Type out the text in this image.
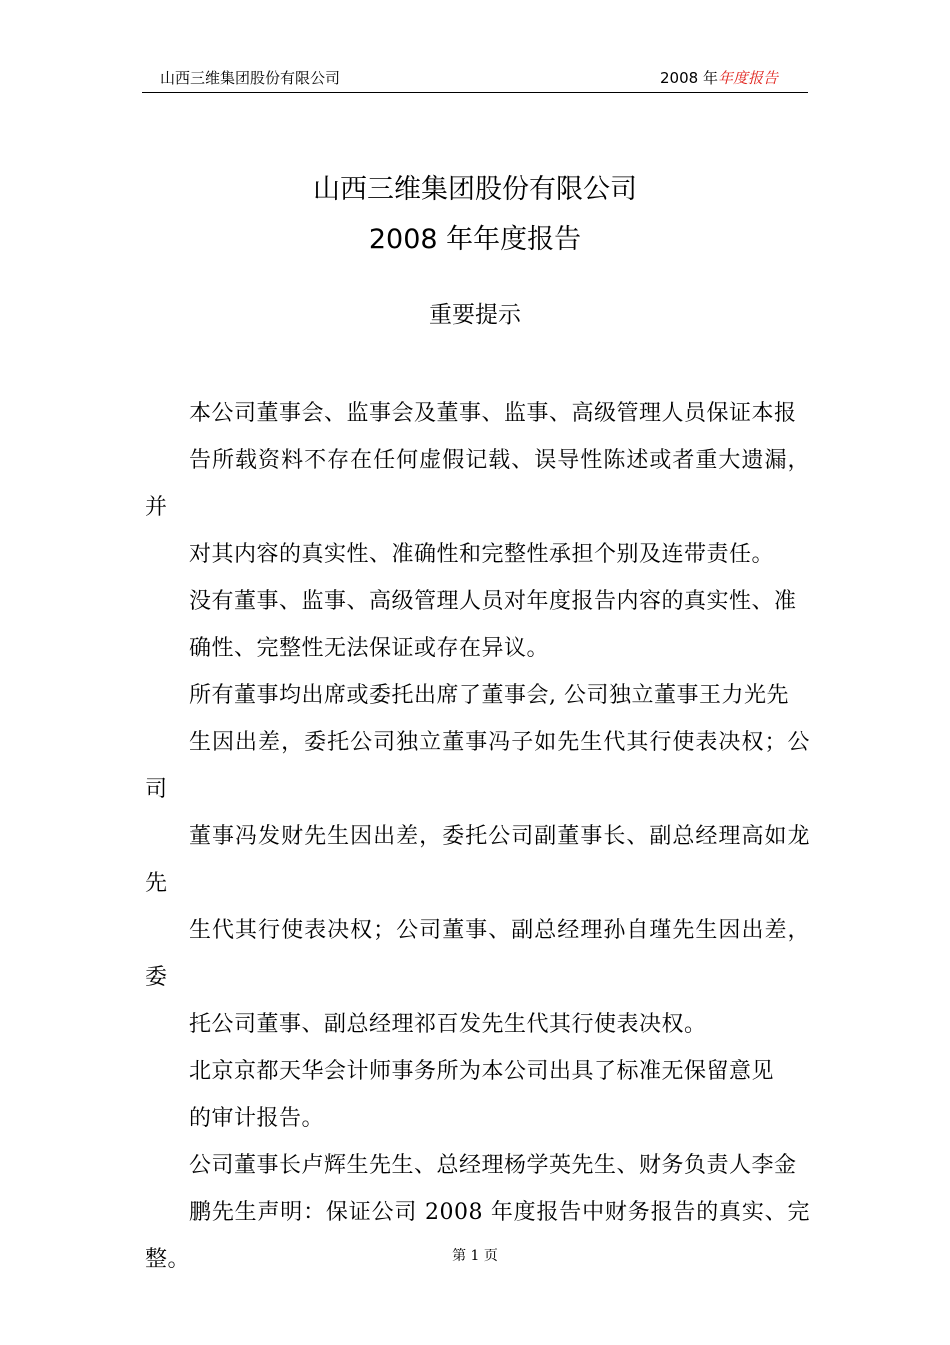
山西三维集团股份有限公司	2008 年年度报告
山西三维集团股份有限公司
2008 年年度报告
重要提示

本公司董事会、监事会及董事、监事、高级管理人员保证本报
告所载资料不存在任何虚假记载、误导性陈述或者重大遗漏，并
对其内容的真实性、准确性和完整性承担个别及连带责任。

没有董事、监事、高级管理人员对年度报告内容的真实性、准
确性、完整性无法保证或存在异议。

所有董事均出席或委托出席了董事会, 公司独立董事王力光先
生因出差，委托公司独立董事冯子如先生代其行使表决权；公司
董事冯发财先生因出差，委托公司副董事长、副总经理高如龙先
生代其行使表决权；公司董事、副总经理孙自瑾先生因出差，委
托公司董事、副总经理祁百发先生代其行使表决权。

北京京都天华会计师事务所为本公司出具了标准无保留意见
的审计报告。

公司董事长卢辉生先生、总经理杨学英先生、财务负责人李金
鹏先生声明：保证公司 2008 年度报告中财务报告的真实、完整。	第 1 页
